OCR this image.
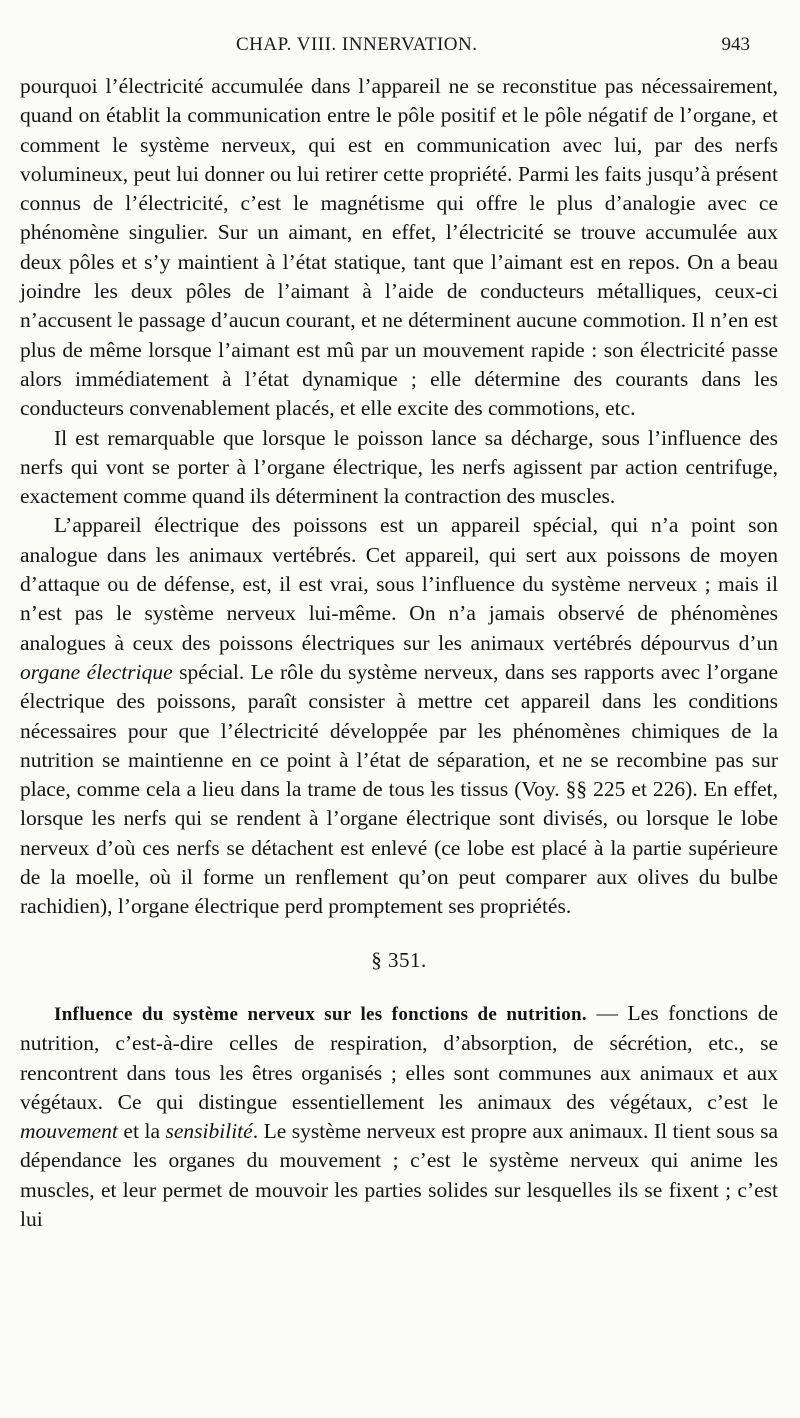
CHAP. VIII. INNERVATION.	943

pourquoi l’électricité accumulée dans l’appareil ne se reconstitue pas nécessairement, quand on établit la communication entre le pôle positif et le pôle négatif de l’organe, et comment le système nerveux, qui est en communication avec lui, par des nerfs volumineux, peut lui donner ou lui retirer cette propriété. Parmi les faits jusqu’à présent connus de l’électricité, c’est le magnétisme qui offre le plus d’analogie avec ce phénomène singulier. Sur un aimant, en effet, l’électricité se trouve accumulée aux deux pôles et s’y maintient à l’état statique, tant que l’aimant est en repos. On a beau joindre les deux pôles de l’aimant à l’aide de conducteurs métalliques, ceux-ci n’accusent le passage d’aucun courant, et ne déterminent aucune commotion. Il n’en est plus de même lorsque l’aimant est mû par un mouvement rapide : son électricité passe alors immédiatement à l’état dynamique ; elle détermine des courants dans les conducteurs convenablement placés, et elle excite des commotions, etc.

Il est remarquable que lorsque le poisson lance sa décharge, sous l’influence des nerfs qui vont se porter à l’organe électrique, les nerfs agissent par action centrifuge, exactement comme quand ils déterminent la contraction des muscles.

L’appareil électrique des poissons est un appareil spécial, qui n’a point son analogue dans les animaux vertébrés. Cet appareil, qui sert aux poissons de moyen d’attaque ou de défense, est, il est vrai, sous l’influence du système nerveux ; mais il n’est pas le système nerveux lui-même. On n’a jamais observé de phénomènes analogues à ceux des poissons électriques sur les animaux vertébrés dépourvus d’un organe électrique spécial. Le rôle du système nerveux, dans ses rapports avec l’organe électrique des poissons, paraît consister à mettre cet appareil dans les conditions nécessaires pour que l’électricité développée par les phénomènes chimiques de la nutrition se maintienne en ce point à l’état de séparation, et ne se recombine pas sur place, comme cela a lieu dans la trame de tous les tissus (Voy. §§ 225 et 226). En effet, lorsque les nerfs qui se rendent à l’organe électrique sont divisés, ou lorsque le lobe nerveux d’où ces nerfs se détachent est enlevé (ce lobe est placé à la partie supérieure de la moelle, où il forme un renflement qu’on peut comparer aux olives du bulbe rachidien), l’organe électrique perd promptement ses propriétés.

§ 351.

Influence du système nerveux sur les fonctions de nutrition. — Les fonctions de nutrition, c’est-à-dire celles de respiration, d’absorption, de sécrétion, etc., se rencontrent dans tous les êtres organisés ; elles sont communes aux animaux et aux végétaux. Ce qui distingue essentiellement les animaux des végétaux, c’est le mouvement et la sensibilité. Le système nerveux est propre aux animaux. Il tient sous sa dépendance les organes du mouvement ; c’est le système nerveux qui anime les muscles, et leur permet de mouvoir les parties solides sur lesquelles ils se fixent ; c’est lui
